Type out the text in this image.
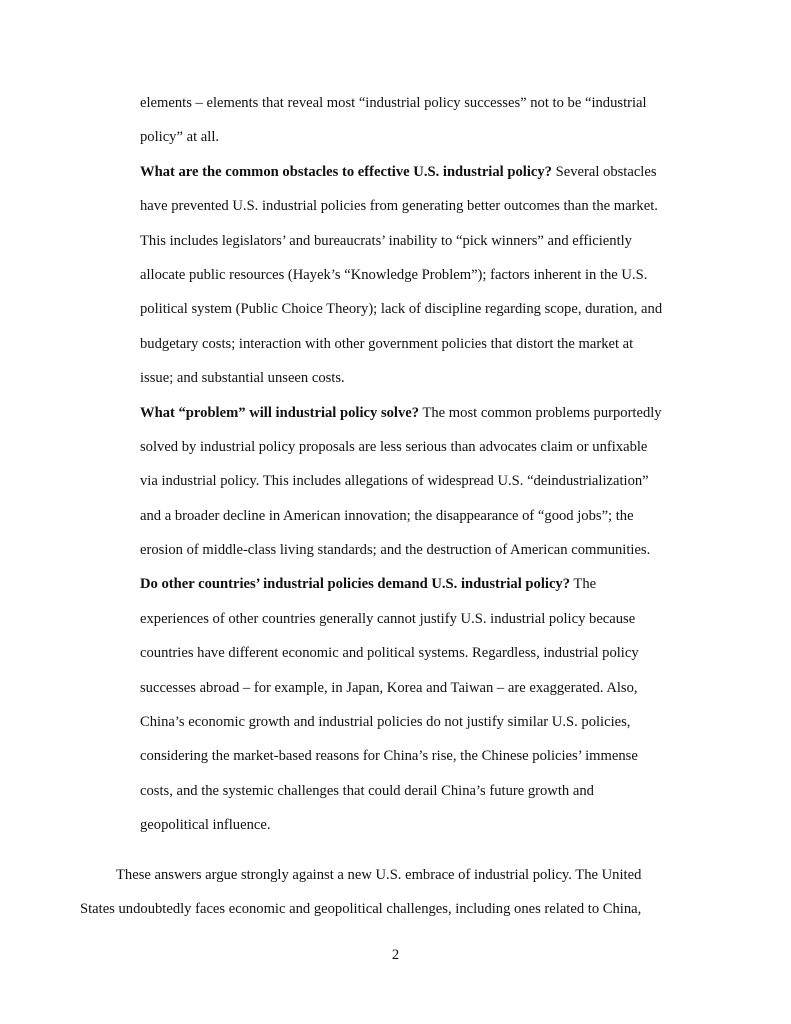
elements – elements that reveal most “industrial policy successes” not to be “industrial

policy” at all.

What are the common obstacles to effective U.S. industrial policy? Several obstacles

have prevented U.S. industrial policies from generating better outcomes than the market.

This includes legislators’ and bureaucrats’ inability to “pick winners” and efficiently

allocate public resources (Hayek’s “Knowledge Problem”); factors inherent in the U.S.

political system (Public Choice Theory); lack of discipline regarding scope, duration, and

budgetary costs; interaction with other government policies that distort the market at

issue; and substantial unseen costs.

What “problem” will industrial policy solve? The most common problems purportedly

solved by industrial policy proposals are less serious than advocates claim or unfixable

via industrial policy. This includes allegations of widespread U.S. “deindustrialization”

and a broader decline in American innovation; the disappearance of “good jobs”; the

erosion of middle-class living standards; and the destruction of American communities.

Do other countries’ industrial policies demand U.S. industrial policy? The

experiences of other countries generally cannot justify U.S. industrial policy because

countries have different economic and political systems. Regardless, industrial policy

successes abroad – for example, in Japan, Korea and Taiwan – are exaggerated. Also,

China’s economic growth and industrial policies do not justify similar U.S. policies,

considering the market-based reasons for China’s rise, the Chinese policies’ immense

costs, and the systemic challenges that could derail China’s future growth and

geopolitical influence.

These answers argue strongly against a new U.S. embrace of industrial policy. The United

States undoubtedly faces economic and geopolitical challenges, including ones related to China,

2
